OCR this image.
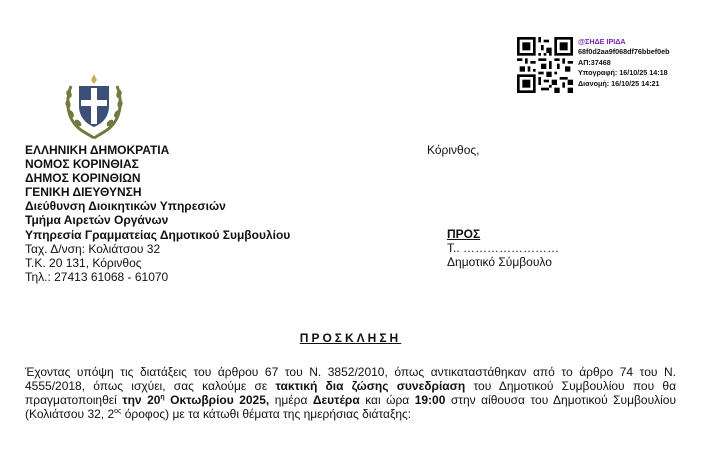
@ΣΗΔΕ ΙΡΙΔΑ
68f0d2aa9f068df76bbef0eb
ΑΠ:37468
Υπογραφή: 16/10/25 14:18
Διανομή: 16/10/25 14:21
ΕΛΛΗΝΙΚΗ ΔΗΜΟΚΡΑΤΙΑ
ΝΟΜΟΣ ΚΟΡΙΝΘΙΑΣ
ΔΗΜΟΣ ΚΟΡΙΝΘΙΩΝ
ΓΕΝΙΚΗ ΔΙΕΥΘΥΝΣΗ
Διεύθυνση Διοικητικών Υπηρεσιών
Τμήμα Αιρετών Οργάνων
Υπηρεσία Γραμματείας Δημοτικού Συμβουλίου
Ταχ. Δ/νση: Κολιάτσου 32
Τ.Κ. 20 131, Κόρινθος
Τηλ.: 27413 61068 - 61070
Κόρινθος,
ΠΡΟΣ
Τ.. ……………………
Δημοτικό Σύμβουλο
ΠΡΟΣΚΛΗΣΗ
Έχοντας υπόψη τις διατάξεις του άρθρου 67 του Ν. 3852/2010, όπως αντικαταστάθηκαν από το άρθρο 74 του Ν. 4555/2018, όπως ισχύει, σας καλούμε σε τακτική δια ζώσης συνεδρίαση του Δημοτικού Συμβουλίου που θα πραγματοποιηθεί την $20^\eta$ Οκτωβρίου 2025, ημέρα Δευτέρα και ώρα 19:00 στην αίθουσα του Δημοτικού Συμβουλίου (Κολιάτσου 32, $2^{o\varsigma}$ όροφος) με τα κάτωθι θέματα της ημερήσιας διάταξης:
